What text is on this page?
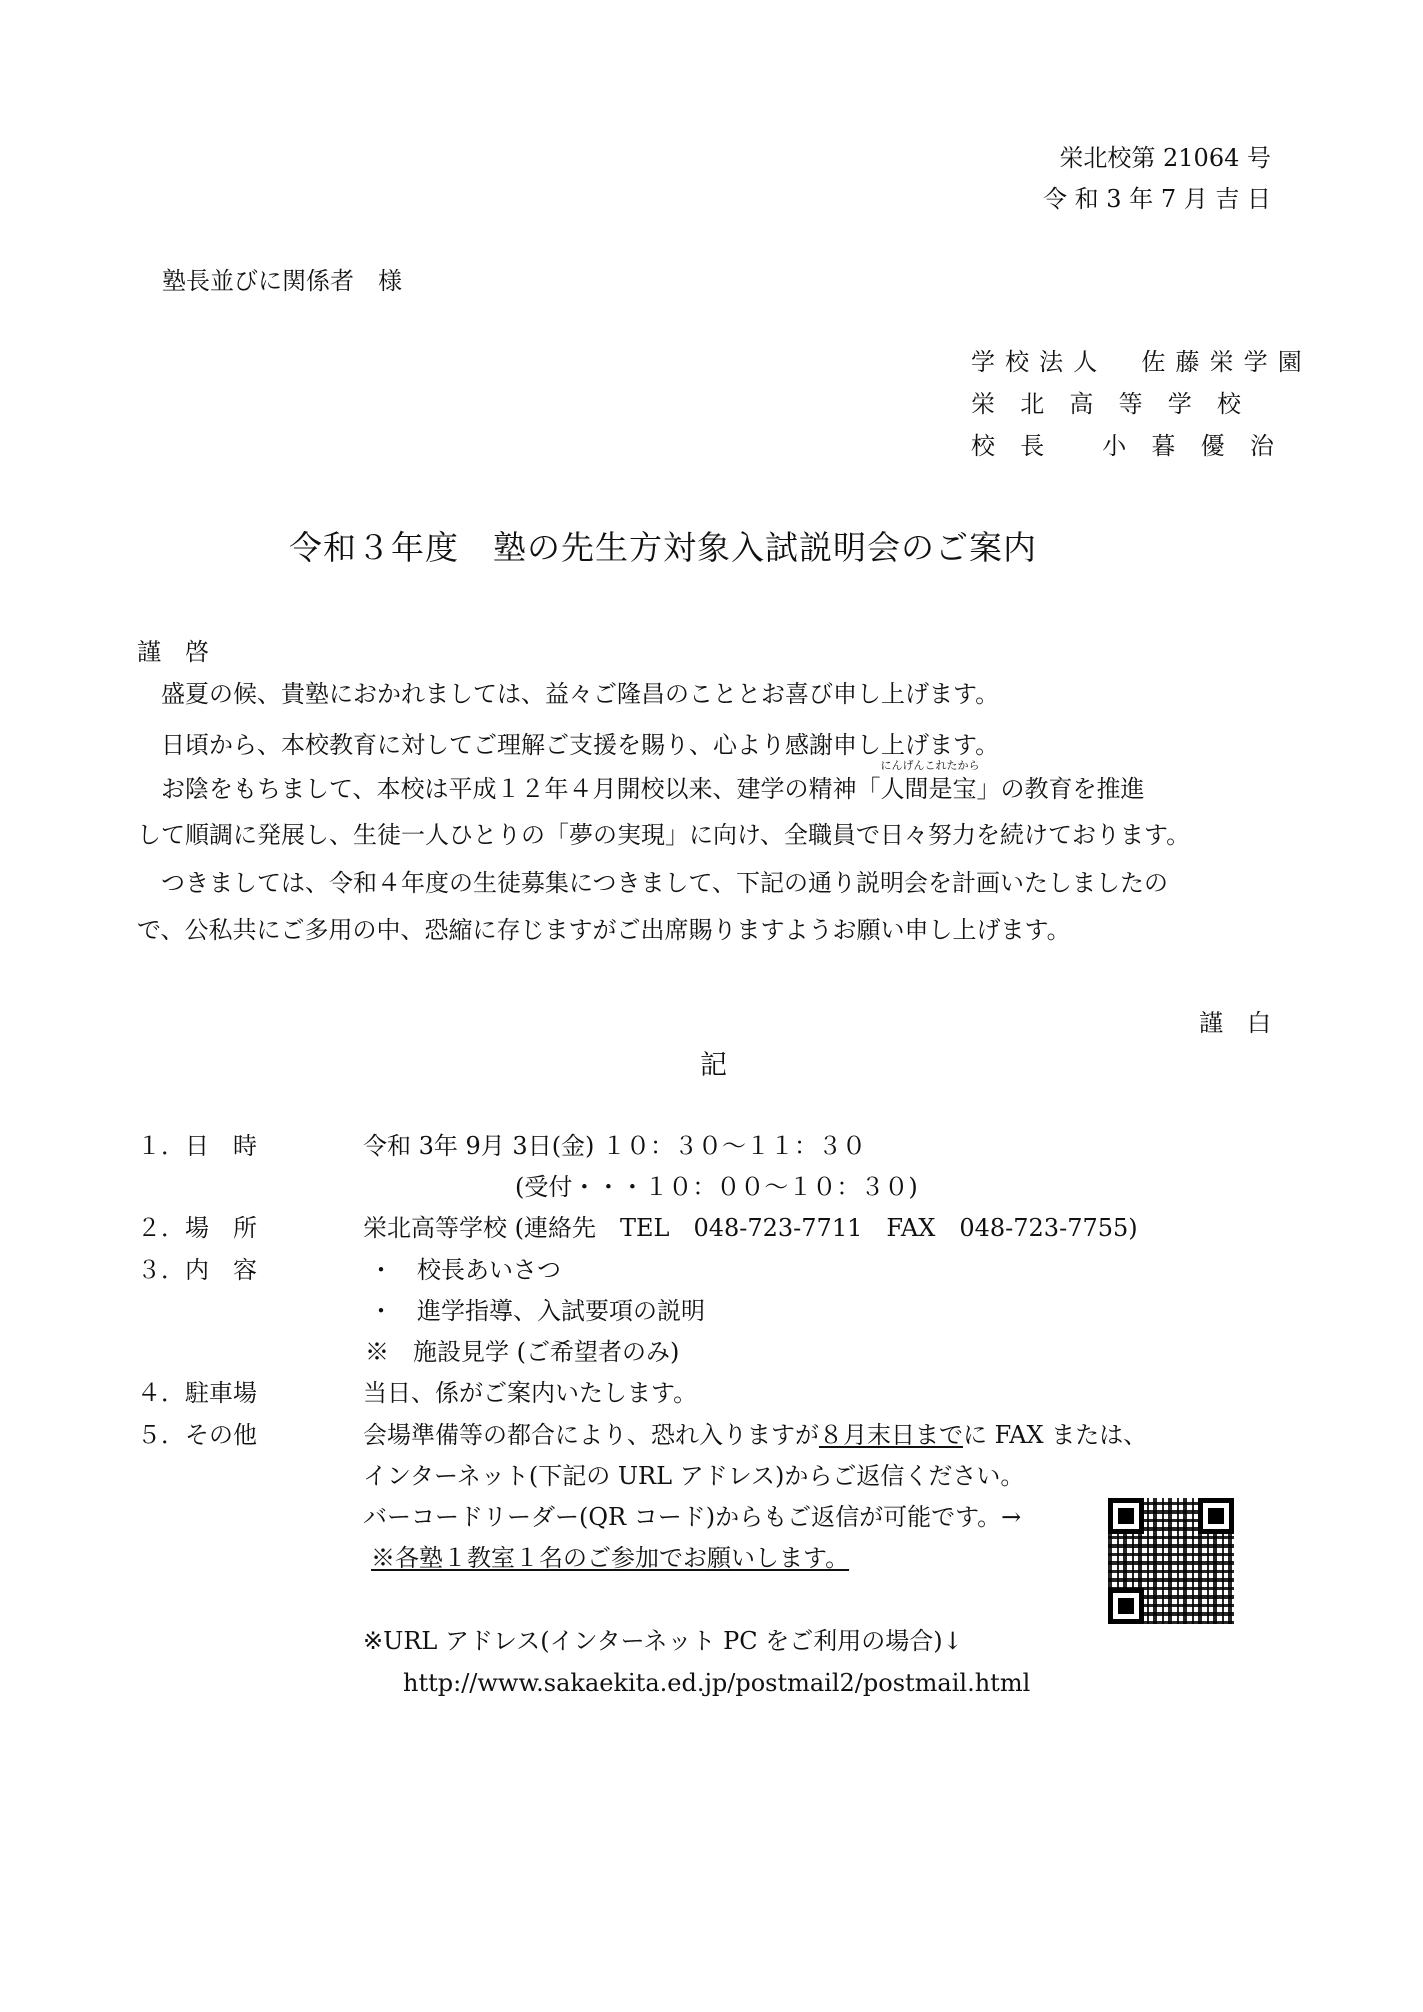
栄北校第 21064 号
令 和 3 年 7 月 吉 日
塾長並びに関係者　様
学校法人　佐藤栄学園
栄北高等学校
校長 小暮優治
令和３年度　塾の先生方対象入試説明会のご案内
謹　啓
盛夏の候、貴塾におかれましては、益々ご隆昌のこととお喜び申し上げます。
日頃から、本校教育に対してご理解ご支援を賜り、心より感謝申し上げます。
お陰をもちまして、本校は平成１２年４月開校以来、建学の精神「
にんげんこれたから
人間是宝」の教育を推進
して順調に発展し、生徒一人ひとりの「夢の実現」に向け、全職員で日々努力を続けております。
つきましては、令和４年度の生徒募集につきまして、下記の通り説明会を計画いたしましたの
で、公私共にご多用の中、恐縮に存じますがご出席賜りますようお願い申し上げます。
謹　白
記
１．日　時	令和 3年 9月 3日(金) １０：３０～１１：３０
(受付・・・１０：００～１０：３０)
２．場　所	栄北高等学校 (連絡先　TEL　048-723-7711　FAX　048-723-7755)
３．内　容	・　校長あいさつ
・　進学指導、入試要項の説明
※　施設見学 (ご希望者のみ)
４．駐車場	当日、係がご案内いたします。
５．その他	会場準備等の都合により、恐れ入りますが８月末日までに FAX または、
インターネット(下記の URL アドレス)からご返信ください。
バーコードリーダー(QR コード)からもご返信が可能です。→
※各塾１教室１名のご参加でお願いします。
※URL アドレス(インターネット PC をご利用の場合)↓
http://www.sakaekita.ed.jp/postmail2/postmail.html
